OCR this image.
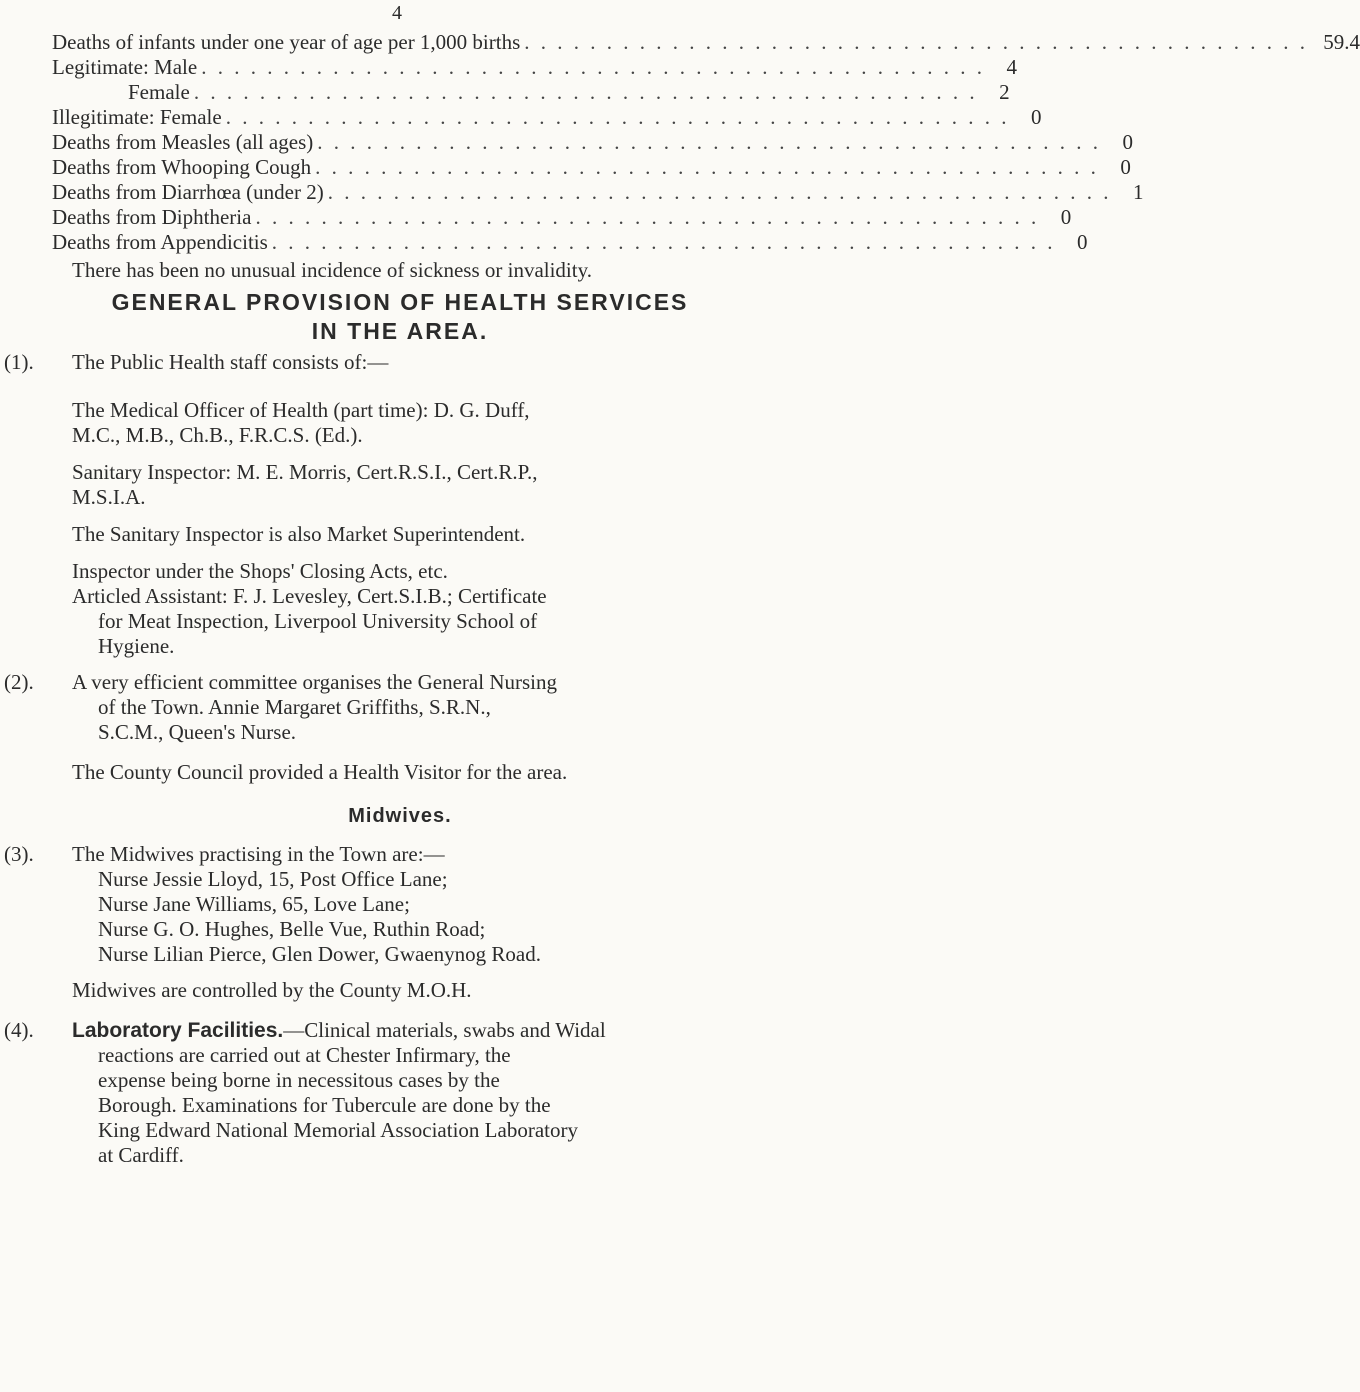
4
Deaths of infants under one year of age per 1,000 births . . . . . . . . . . . . . . . . . . . . . . . . . . . . . . . . . . . . . . . . . . . . . . . . 59.4
Legitimate: Male . . . . . . . . . . . . . . . . . . . . . . . . . . . . . . . . . . . . . . . . . . . . . . . .	4
Female . . . . . . . . . . . . . . . . . . . . . . . . . . . . . . . . . . . . . . . . . . . . . . . .	2
Illegitimate: Female . . . . . . . . . . . . . . . . . . . . . . . . . . . . . . . . . . . . . . . . . . . . . . . .	0
Deaths from Measles (all ages) . . . . . . . . . . . . . . . . . . . . . . . . . . . . . . . . . . . . . . . . . . . . . . . .	0
Deaths from Whooping Cough . . . . . . . . . . . . . . . . . . . . . . . . . . . . . . . . . . . . . . . . . . . . . . . .	0
Deaths from Diarrhœa (under 2) . . . . . . . . . . . . . . . . . . . . . . . . . . . . . . . . . . . . . . . . . . . . . . . .	1
Deaths from Diphtheria . . . . . . . . . . . . . . . . . . . . . . . . . . . . . . . . . . . . . . . . . . . . . . . .	0
Deaths from Appendicitis . . . . . . . . . . . . . . . . . . . . . . . . . . . . . . . . . . . . . . . . . . . . . . . .	0
There has been no unusual incidence of sickness or invalidity.
GENERAL PROVISION OF HEALTH SERVICES
IN THE AREA.
(1). The Public Health staff consists of:—
The Medical Officer of Health (part time): D. G. Duff,
M.C., M.B., Ch.B., F.R.C.S. (Ed.).
Sanitary Inspector: M. E. Morris, Cert.R.S.I., Cert.R.P.,
M.S.I.A.
The Sanitary Inspector is also Market Superintendent.
Inspector under the Shops' Closing Acts, etc.
Articled Assistant: F. J. Levesley, Cert.S.I.B.; Certificate
for Meat Inspection, Liverpool University School of
Hygiene.
(2). A very efficient committee organises the General Nursing
of the Town. Annie Margaret Griffiths, S.R.N.,
S.C.M., Queen's Nurse.
The County Council provided a Health Visitor for the area.
Midwives.
(3). The Midwives practising in the Town are:—
Nurse Jessie Lloyd, 15, Post Office Lane;
Nurse Jane Williams, 65, Love Lane;
Nurse G. O. Hughes, Belle Vue, Ruthin Road;
Nurse Lilian Pierce, Glen Dower, Gwaenynog Road.
Midwives are controlled by the County M.O.H.
(4). Laboratory Facilities.—Clinical materials, swabs and Widal
reactions are carried out at Chester Infirmary, the
expense being borne in necessitous cases by the
Borough. Examinations for Tubercule are done by the
King Edward National Memorial Association Laboratory
at Cardiff.
